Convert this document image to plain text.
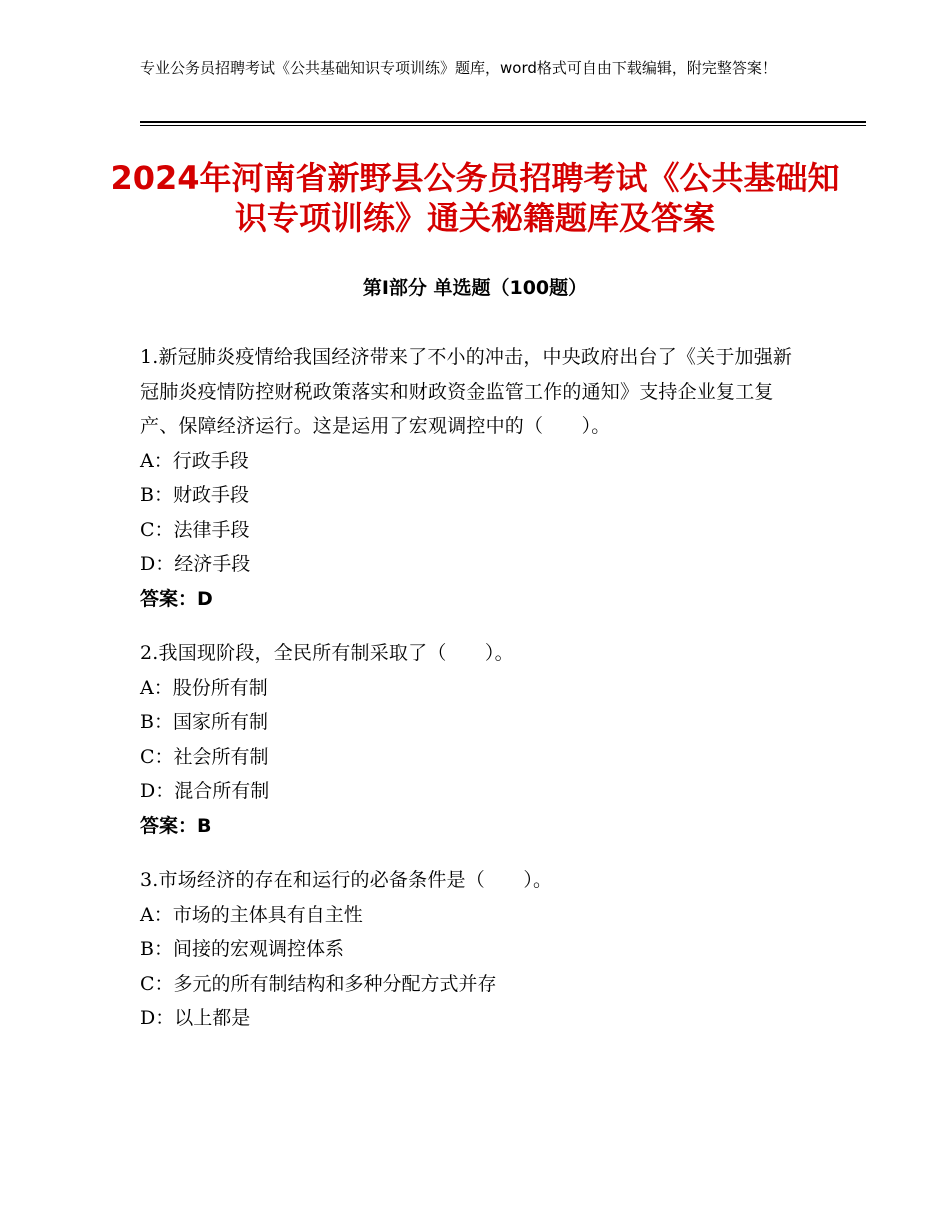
专业公务员招聘考试《公共基础知识专项训练》题库，word格式可自由下载编辑，附完整答案！
2024年河南省新野县公务员招聘考试《公共基础知识专项训练》通关秘籍题库及答案
第Ⅰ部分 单选题（100题）
1.新冠肺炎疫情给我国经济带来了不小的冲击，中央政府出台了《关于加强新冠肺炎疫情防控财税政策落实和财政资金监管工作的通知》支持企业复工复产、保障经济运行。这是运用了宏观调控中的（　　）。
A：行政手段
B：财政手段
C：法律手段
D：经济手段
答案：D
2.我国现阶段，全民所有制采取了（　　）。
A：股份所有制
B：国家所有制
C：社会所有制
D：混合所有制
答案：B
3.市场经济的存在和运行的必备条件是（　　）。
A：市场的主体具有自主性
B：间接的宏观调控体系
C：多元的所有制结构和多种分配方式并存
D：以上都是
